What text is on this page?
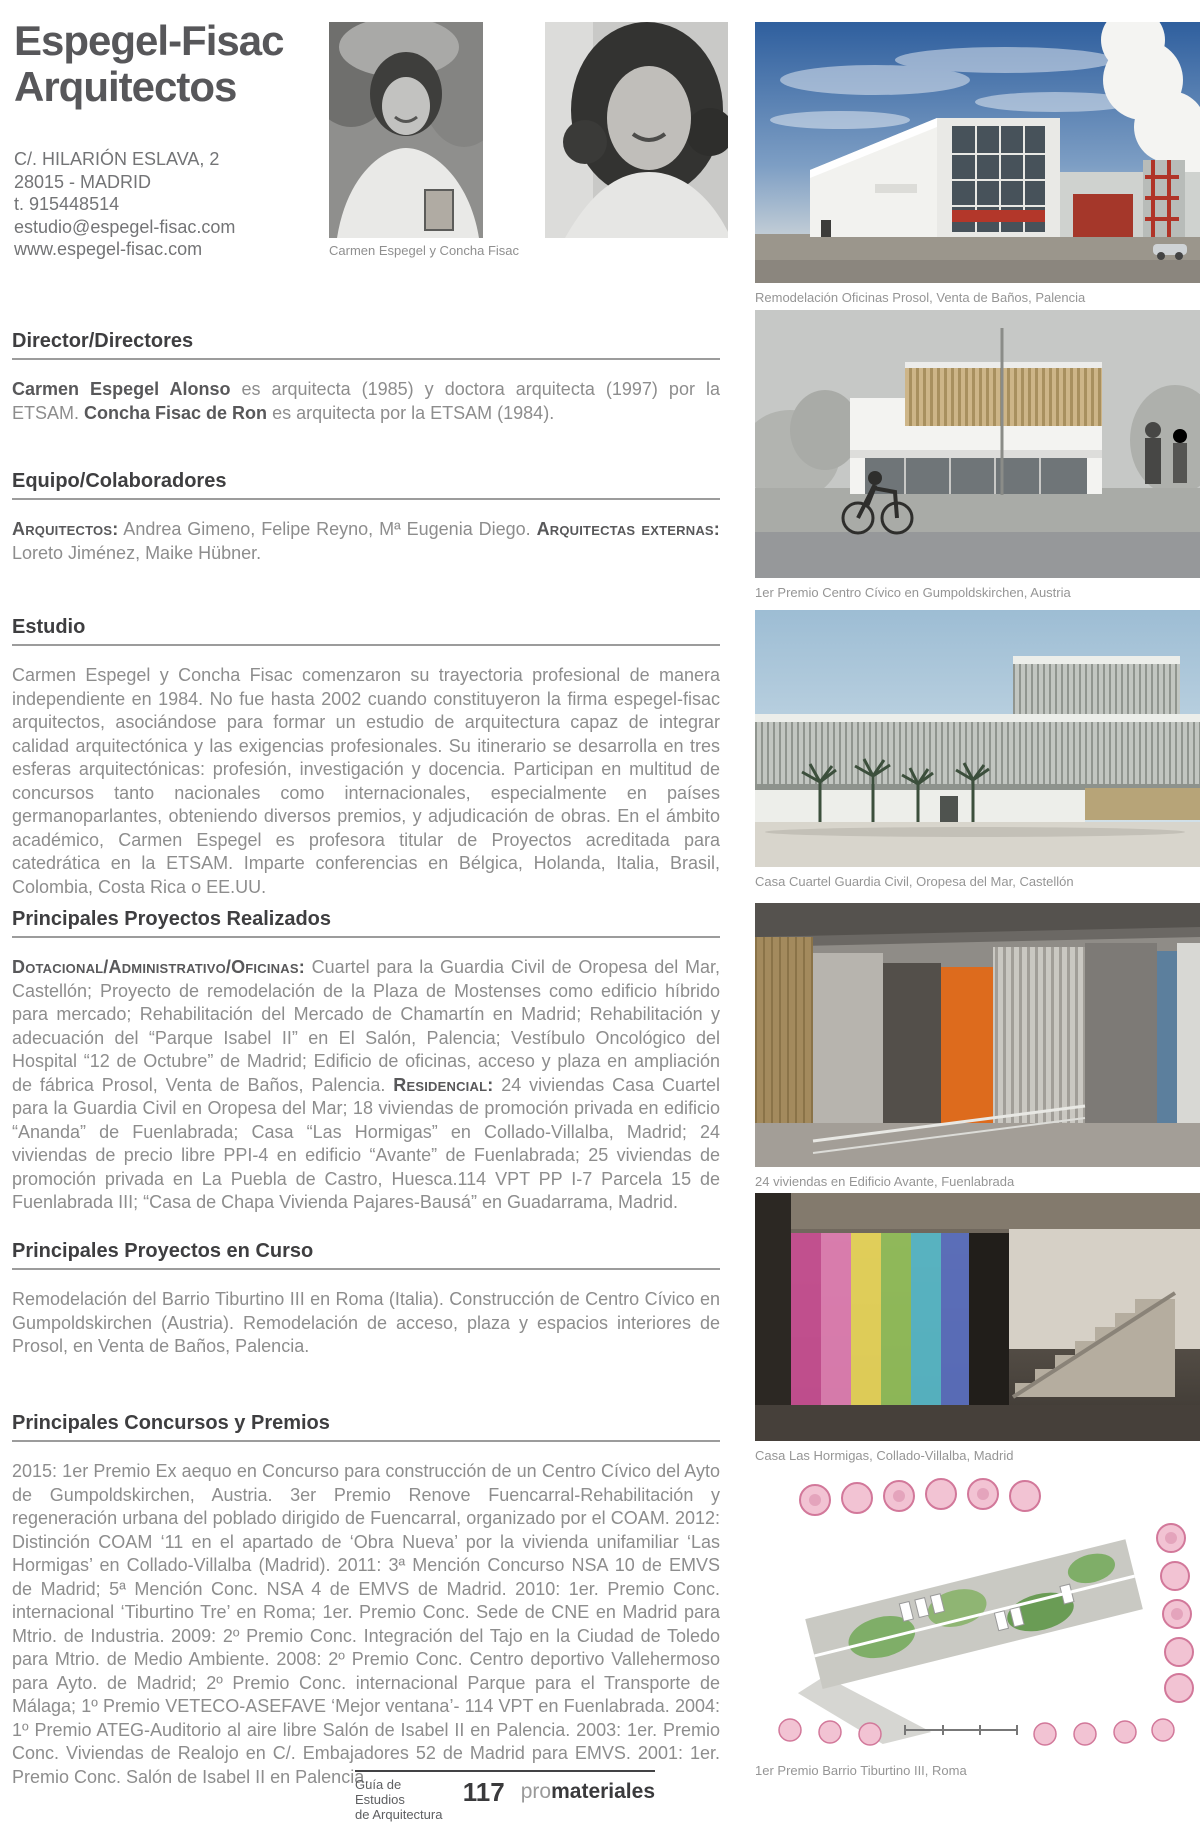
Espegel-Fisac
Arquitectos
C/. HILARIÓN ESLAVA, 2
28015 - MADRID
t. 915448514
estudio@espegel-fisac.com
www.espegel-fisac.com	Carmen Espegel y Concha Fisac
Director/Directores

Carmen Espegel Alonso es arquitecta (1985) y doctora arquitecta (1997) por la ETSAM. Concha Fisac de Ron es arquitecta por la ETSAM (1984).

Equipo/Colaboradores

Arquitectos: Andrea Gimeno, Felipe Reyno, Mª Eugenia Diego. Arquitectas externas: Loreto Jiménez, Maike Hübner.

Estudio

Carmen Espegel y Concha Fisac comenzaron su trayectoria profesional de manera independiente en 1984. No fue hasta 2002 cuando constituyeron la firma espegel-fisac arquitectos, asociándose para formar un estudio de arquitectura capaz de integrar calidad arquitectónica y las exigencias profesionales. Su itinerario se desarrolla en tres esferas arquitectónicas: profesión, investigación y docencia. Participan en multitud de concursos tanto nacionales como internacionales, especialmente en países germanoparlantes, obteniendo diversos premios, y adjudicación de obras. En el ámbito académico, Carmen Espegel es profesora titular de Proyectos acreditada para catedrática en la ETSAM. Imparte conferencias en Bélgica, Holanda, Italia, Brasil, Colombia, Costa Rica o EE.UU.

Principales Proyectos Realizados

Dotacional/Administrativo/Oficinas: Cuartel para la Guardia Civil de Oropesa del Mar, Castellón; Proyecto de remodelación de la Plaza de Mostenses como edificio híbrido para mercado; Rehabilitación del Mercado de Chamartín en Madrid; Rehabilitación y adecuación del “Parque Isabel II” en El Salón, Palencia; Vestíbulo Oncológico del Hospital “12 de Octubre” de Madrid; Edificio de oficinas, acceso y plaza en ampliación de fábrica Prosol, Venta de Baños, Palencia. Residencial: 24 viviendas Casa Cuartel para la Guardia Civil en Oropesa del Mar; 18 viviendas de promoción privada en edificio “Ananda” de Fuenlabrada; Casa “Las Hormigas” en Collado-Villalba, Madrid; 24 viviendas de precio libre PPI-4 en edificio “Avante” de Fuenlabrada; 25 viviendas de promoción privada en La Puebla de Castro, Huesca.114 VPT PP I-7 Parcela 15 de Fuenlabrada III; “Casa de Chapa Vivienda Pajares-Bausá” en Guadarrama, Madrid.

Principales Proyectos en Curso

Remodelación del Barrio Tiburtino III en Roma (Italia). Construcción de Centro Cívico en Gumpoldskirchen (Austria). Remodelación de acceso, plaza y espacios interiores de Prosol, en Venta de Baños, Palencia.

Principales Concursos y Premios

2015: 1er Premio Ex aequo en Concurso para construcción de un Centro Cívico del Ayto de Gumpoldskirchen, Austria. 3er Premio Renove Fuencarral-Rehabilitación y regeneración urbana del poblado dirigido de Fuencarral, organizado por el COAM. 2012: Distinción COAM ‘11 en el apartado de ‘Obra Nueva’ por la vivienda unifamiliar ‘Las Hormigas’ en Collado-Villalba (Madrid). 2011: 3ª Mención Concurso NSA 10 de EMVS de Madrid; 5ª Mención Conc. NSA 4 de EMVS de Madrid. 2010: 1er. Premio Conc. internacional ‘Tiburtino Tre’ en Roma; 1er. Premio Conc. Sede de CNE en Madrid para Mtrio. de Industria. 2009: 2º Premio Conc. Integración del Tajo en la Ciudad de Toledo para Mtrio. de Medio Ambiente. 2008: 2º Premio Conc. Centro deportivo Vallehermoso para Ayto. de Madrid; 2º Premio Conc. internacional Parque para el Transporte de Málaga; 1º Premio VETECO-ASEFAVE ‘Mejor ventana’- 114 VPT en Fuenlabrada. 2004: 1º Premio ATEG-Auditorio al aire libre Salón de Isabel II en Palencia. 2003: 1er. Premio Conc. Viviendas de Realojo en C/. Embajadores 52 de Madrid para EMVS. 2001: 1er. Premio Conc. Salón de Isabel II en Palencia.

Remodelación Oficinas Prosol, Venta de Baños, Palencia
1er Premio Centro Cívico en Gumpoldskirchen, Austria
Casa Cuartel Guardia Civil, Oropesa del Mar, Castellón
24 viviendas en Edificio Avante, Fuenlabrada
Casa Las Hormigas, Collado-Villalba, Madrid
1er Premio Barrio Tiburtino III, Roma
Guía de Estudios
de Arquitectura
117 promateriales
